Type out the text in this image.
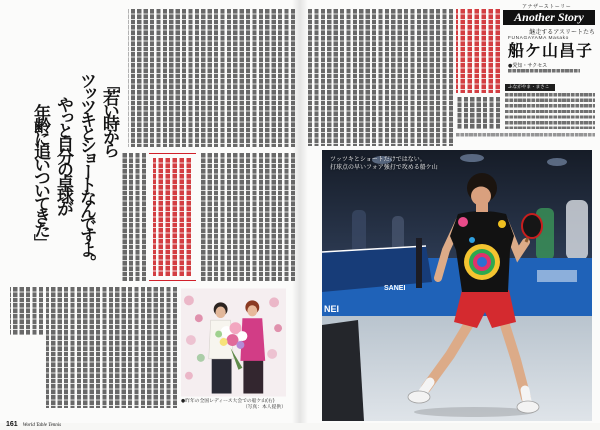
「若い時から
ツッツキとショートなんですよ。
やっと自分の卓球が
年齢に追いついてきた」
●昨年の全国レディース大会での船ケ山(右)
（写真：本人提供）
161 World Table Tennis
アナザーストーリー
Another Story
継走するアスリートたち
FUNAGAYAMA Masako
船ケ山昌子
●愛知・サクセス
ふながやま・まさこ
NEI
SANEI
ツッツキとショートだけではない。
打球点の早いフォア強打で攻める船ケ山
